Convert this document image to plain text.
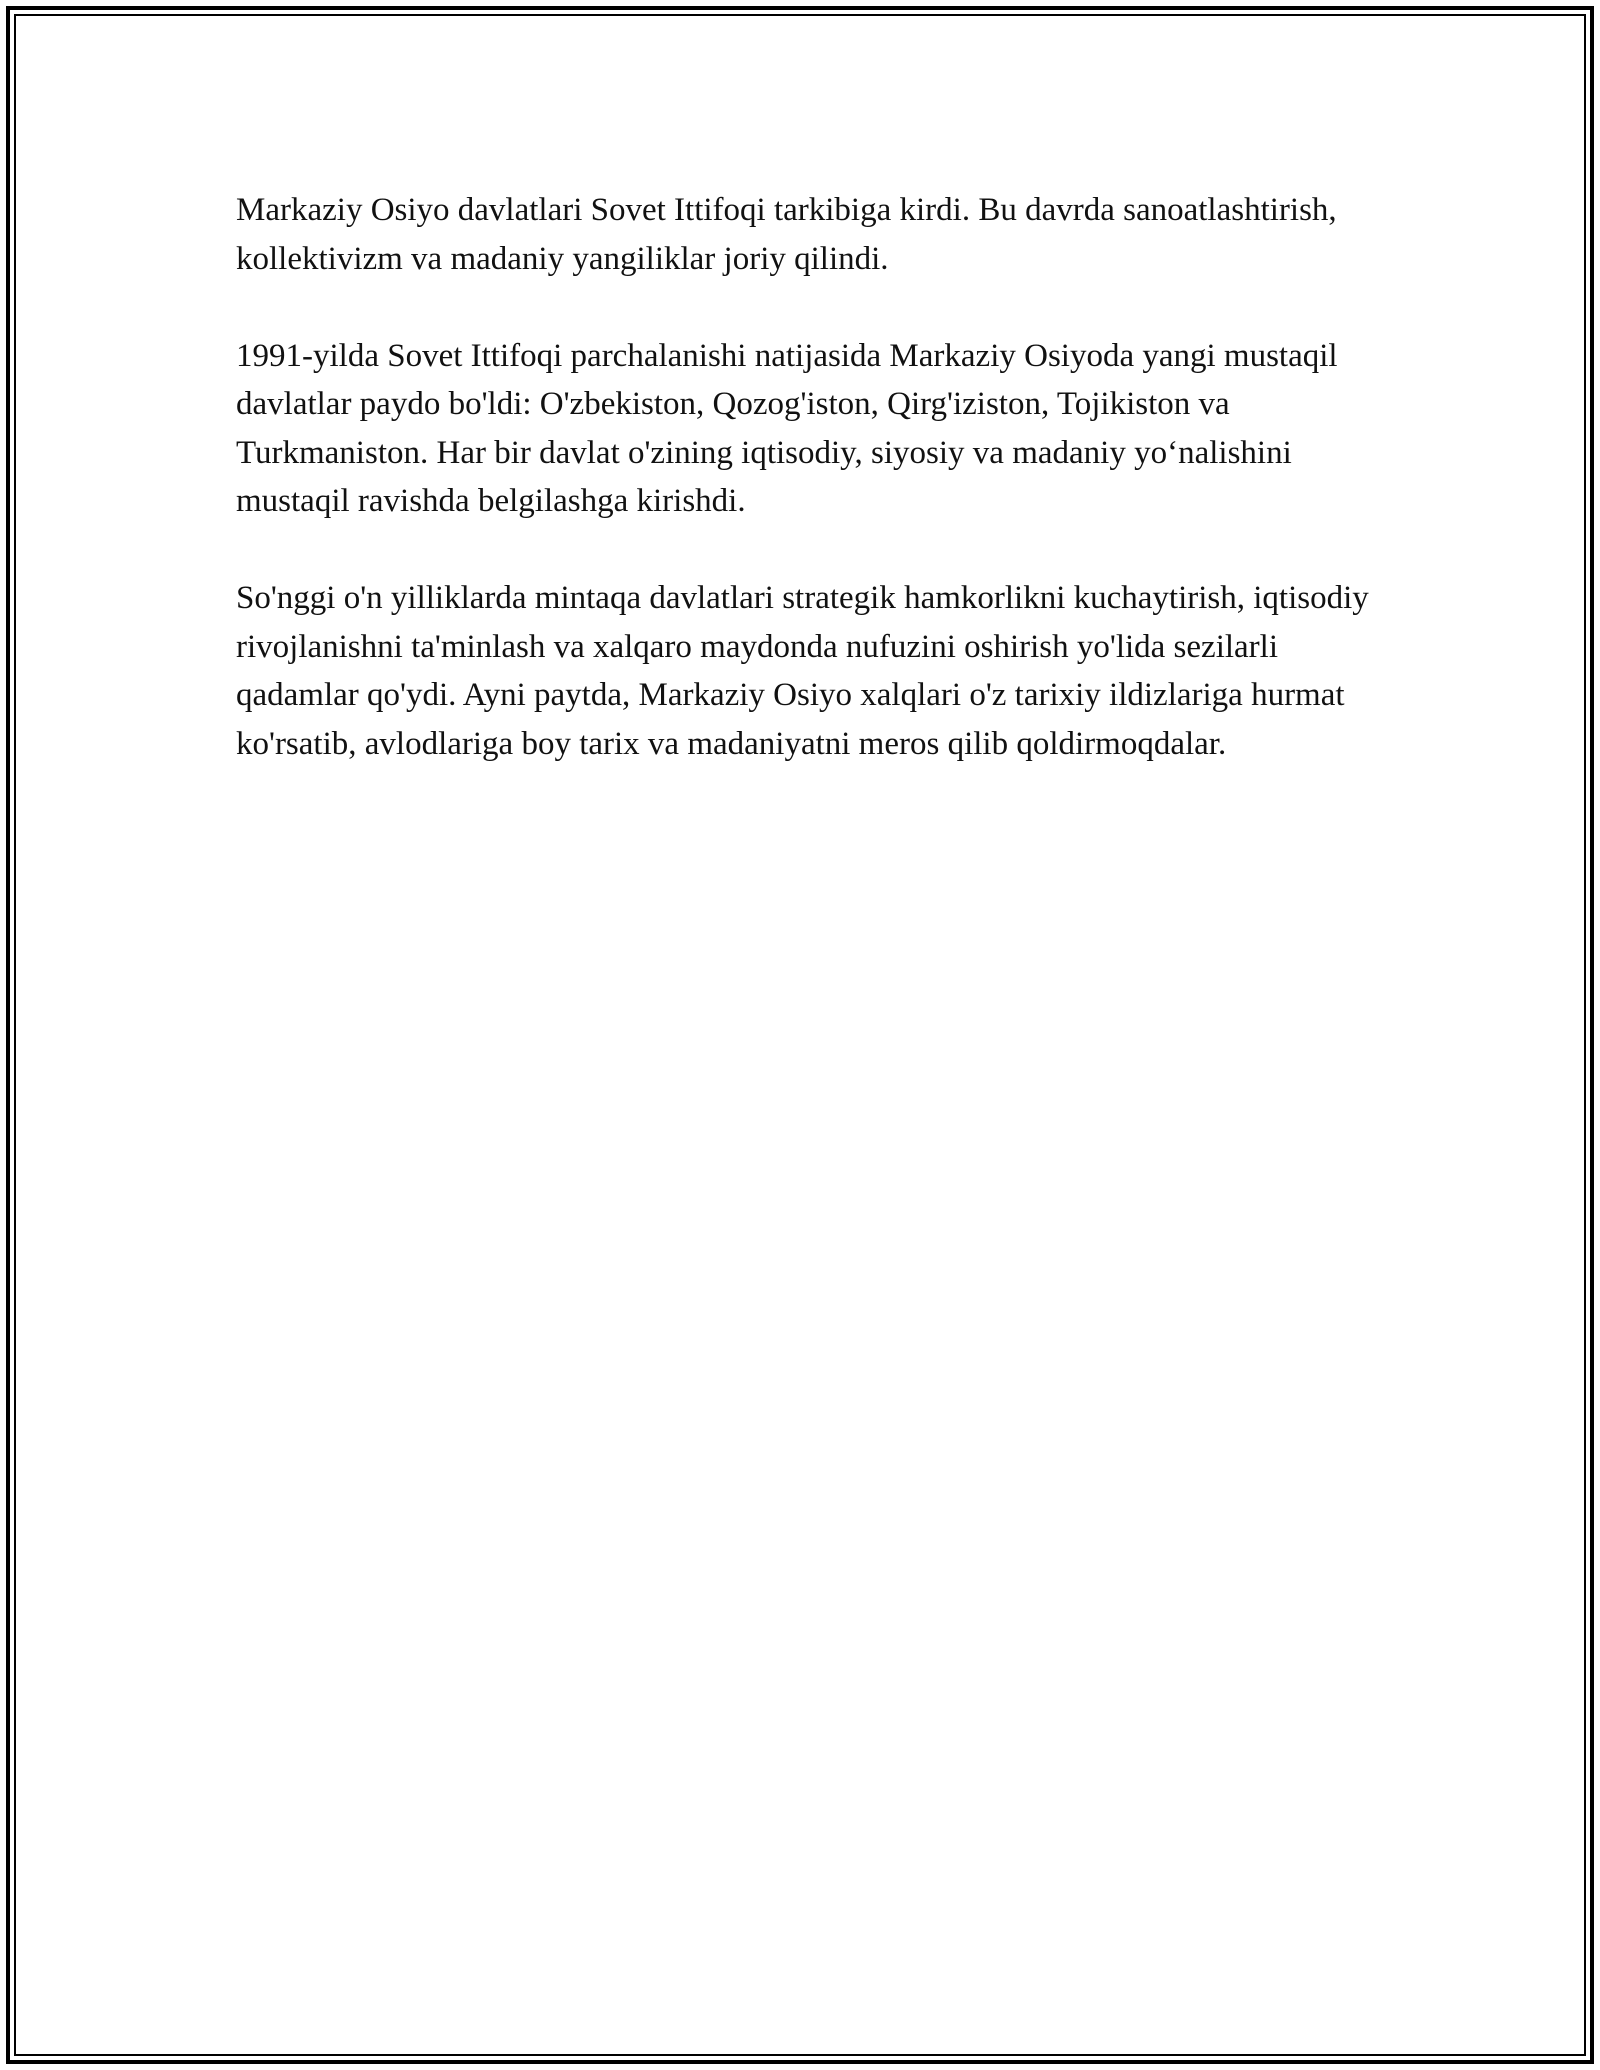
Markaziy Osiyo davlatlari Sovet Ittifoqi tarkibiga kirdi. Bu davrda sanoatlashtirish, kollektivizm va madaniy yangiliklar joriy qilindi.

1991-yilda Sovet Ittifoqi parchalanishi natijasida Markaziy Osiyoda yangi mustaqil davlatlar paydo bo'ldi: O'zbekiston, Qozog'iston, Qirg'iziston, Tojikiston va Turkmaniston. Har bir davlat o'zining iqtisodiy, siyosiy va madaniy yo‘nalishini mustaqil ravishda belgilashga kirishdi.

So'nggi o'n yilliklarda mintaqa davlatlari strategik hamkorlikni kuchaytirish, iqtisodiy rivojlanishni ta'minlash va xalqaro maydonda nufuzini oshirish yo'lida sezilarli qadamlar qo'ydi. Ayni paytda, Markaziy Osiyo xalqlari o'z tarixiy ildizlariga hurmat ko'rsatib, avlodlariga boy tarix va madaniyatni meros qilib qoldirmoqdalar.
